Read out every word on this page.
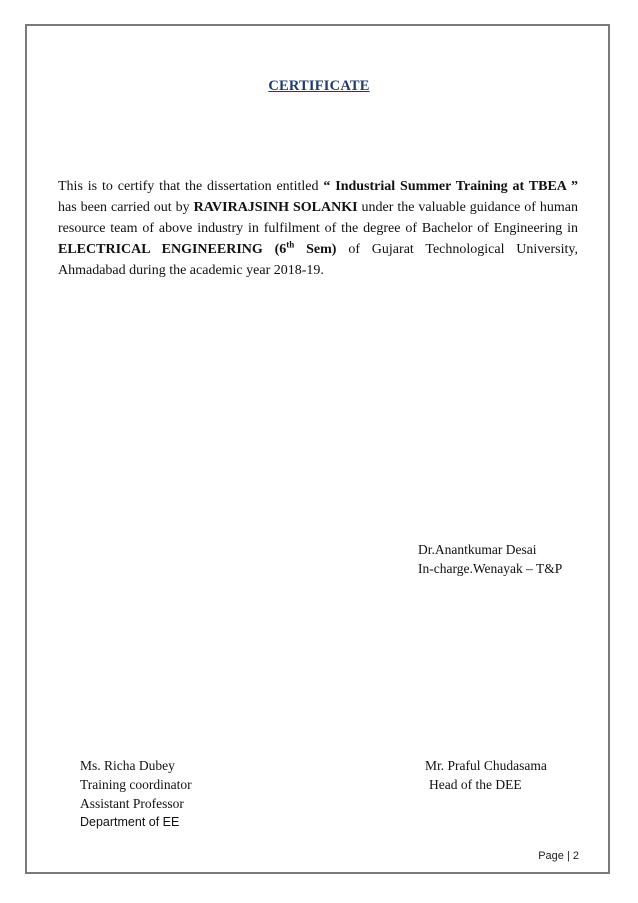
CERTIFICATE
This is to certify that the dissertation entitled “ Industrial Summer Training at TBEA ” has been carried out by RAVIRAJSINH SOLANKI under the valuable guidance of human resource team of above industry in fulfilment of the degree of Bachelor of Engineering in ELECTRICAL ENGINEERING (6th Sem) of Gujarat Technological University, Ahmadabad during the academic year 2018-19.
Dr.Anantkumar Desai
In-charge.Wenayak – T&P
Ms. Richa Dubey
Training coordinator
Assistant Professor
Department of EE
Mr. Praful Chudasama
Head of the DEE
Page | 2
